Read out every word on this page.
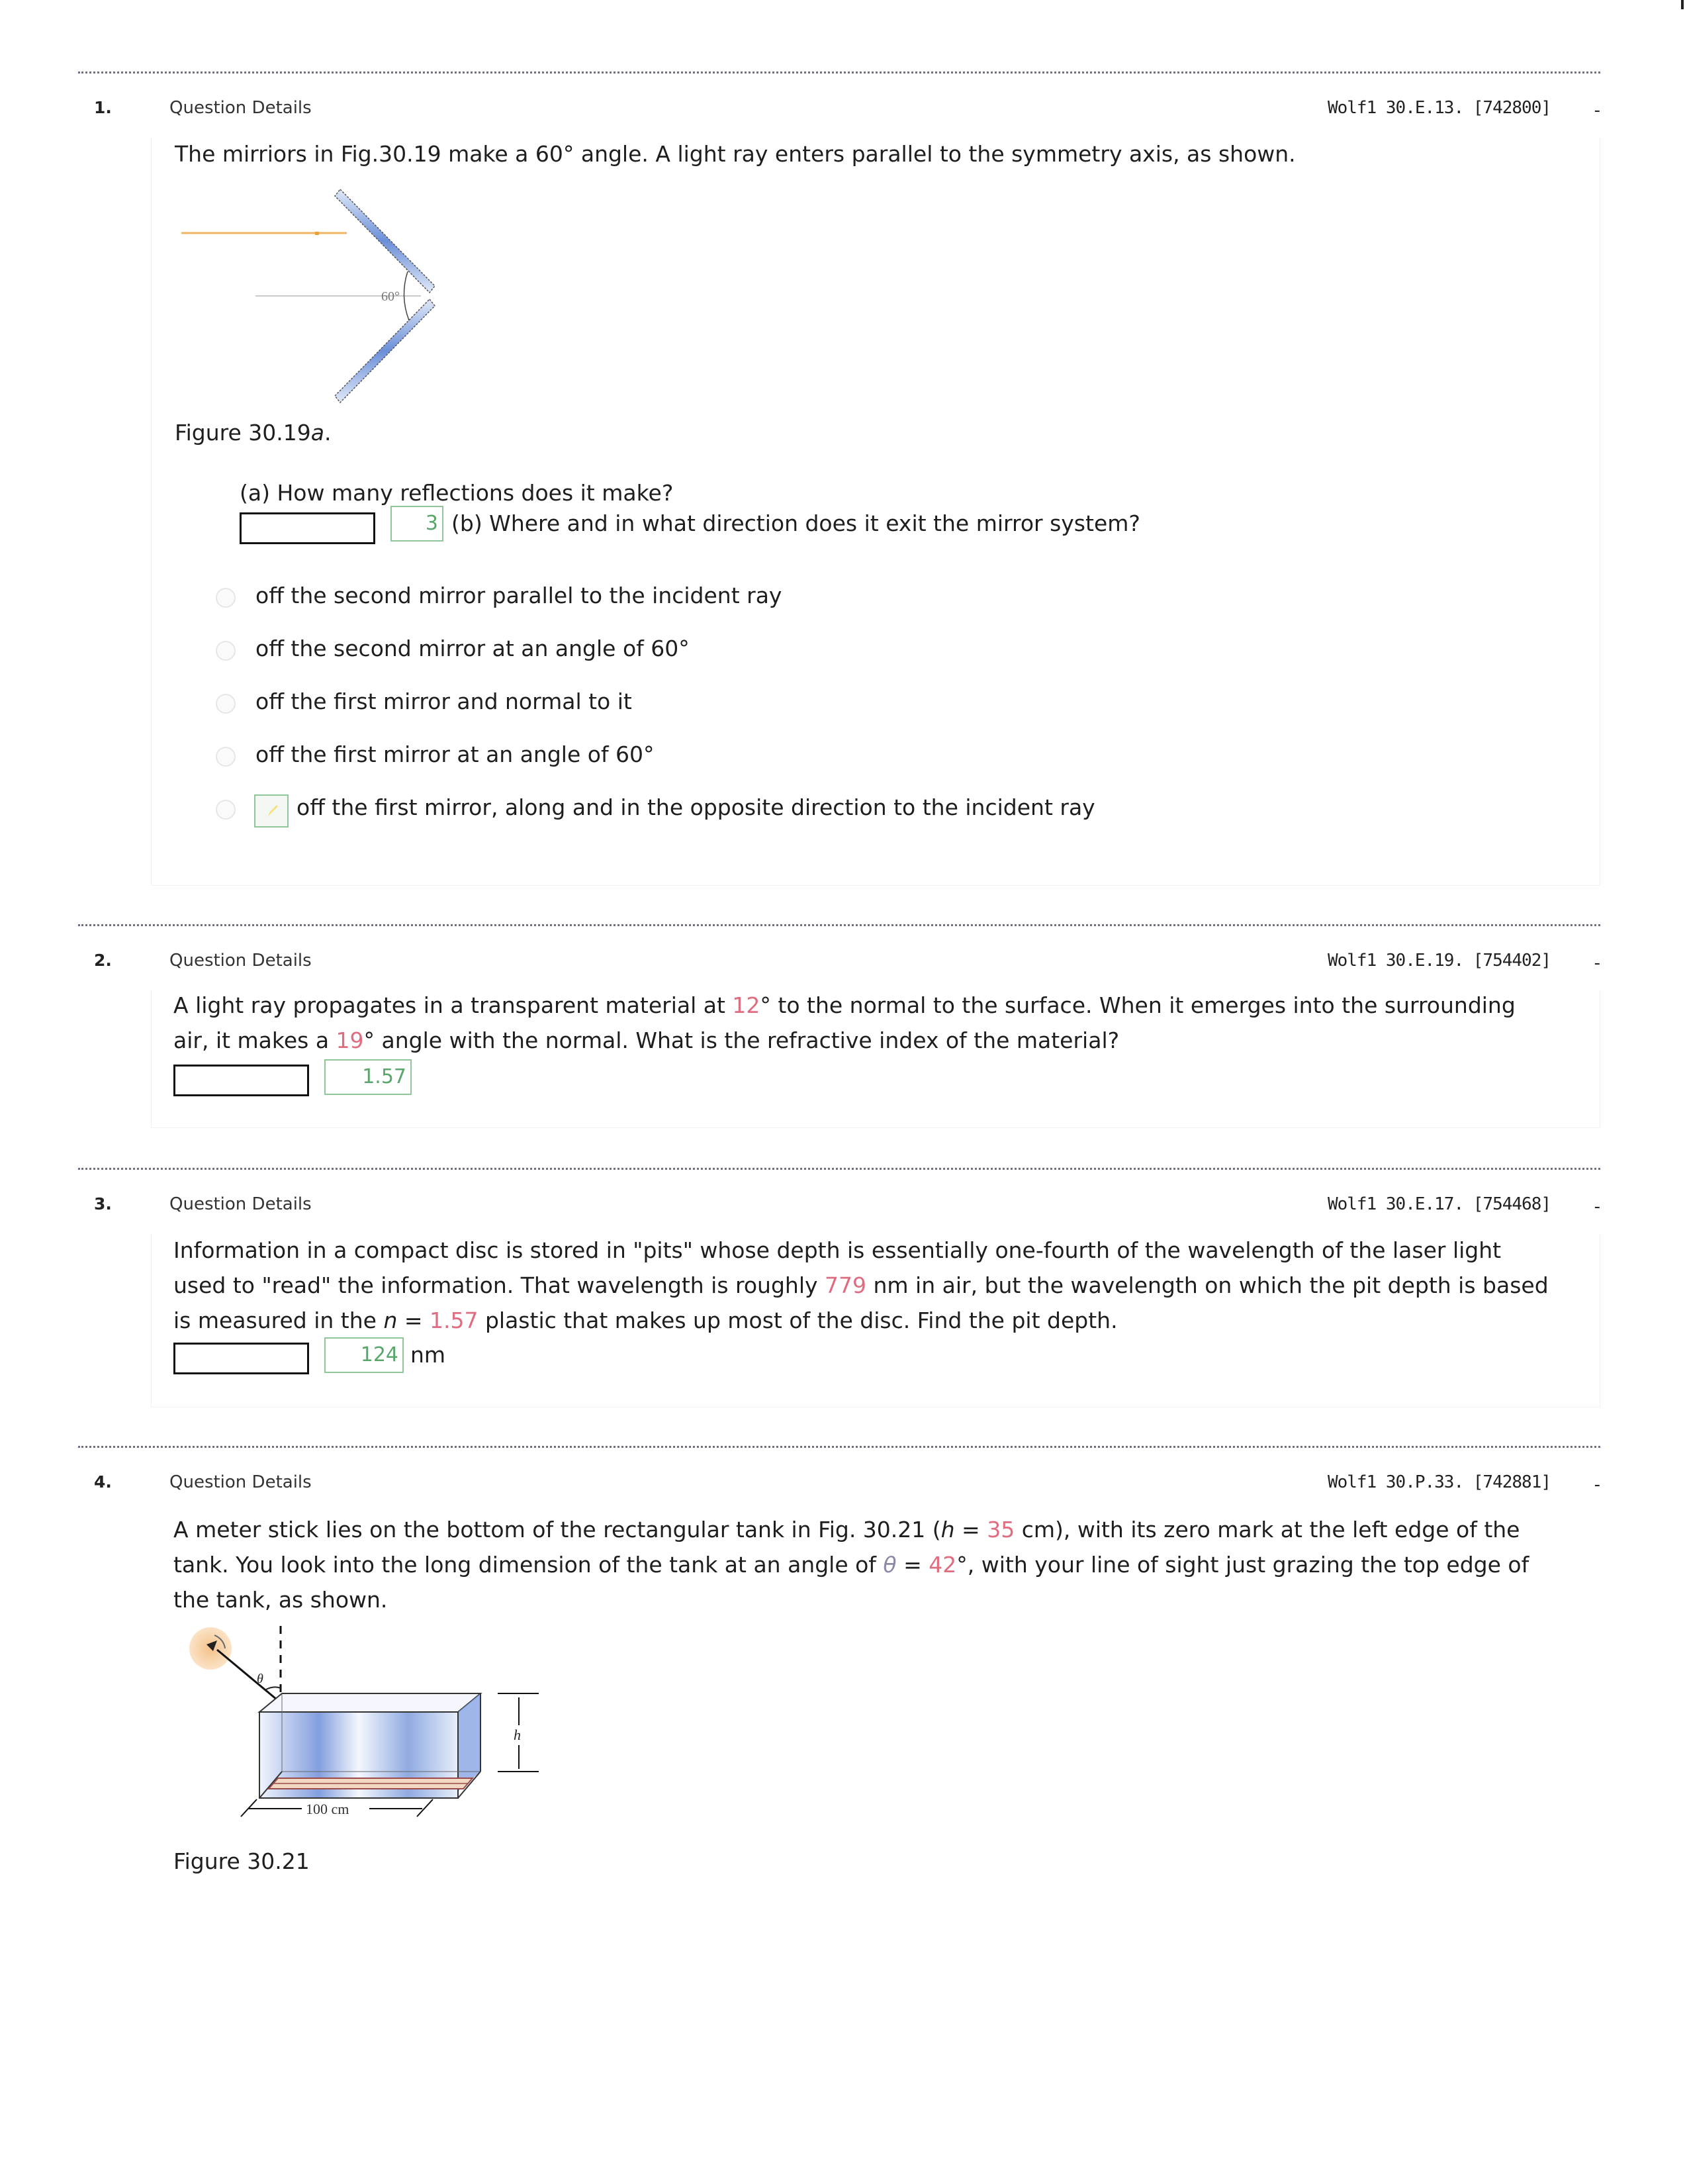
1.	Question Details	Wolf1 30.E.13. [742800]	-
The mirriors in Fig.30.19 make a 60° angle. A light ray enters parallel to the symmetry axis, as shown.
60°
Figure 30.19a.
(a) How many reflections does it make?
3 (b) Where and in what direction does it exit the mirror system?
off the second mirror parallel to the incident ray
off the second mirror at an angle of 60°
off the first mirror and normal to it
off the first mirror at an angle of 60°
off the first mirror, along and in the opposite direction to the incident ray
2.	Question Details	Wolf1 30.E.19. [754402]	-
A light ray propagates in a transparent material at 12° to the normal to the surface. When it emerges into the surrounding
air, it makes a 19° angle with the normal. What is the refractive index of the material?
1.57
3.	Question Details	Wolf1 30.E.17. [754468]	-
Information in a compact disc is stored in "pits" whose depth is essentially one-fourth of the wavelength of the laser light
used to "read" the information. That wavelength is roughly 779 nm in air, but the wavelength on which the pit depth is based
is measured in the n = 1.57 plastic that makes up most of the disc. Find the pit depth.
124 nm
4.	Question Details	Wolf1 30.P.33. [742881]	-
A meter stick lies on the bottom of the rectangular tank in Fig. 30.21 (h = 35 cm), with its zero mark at the left edge of the
tank. You look into the long dimension of the tank at an angle of θ = 42°, with your line of sight just grazing the top edge of
the tank, as shown.
θ
h
100 cm
Figure 30.21
